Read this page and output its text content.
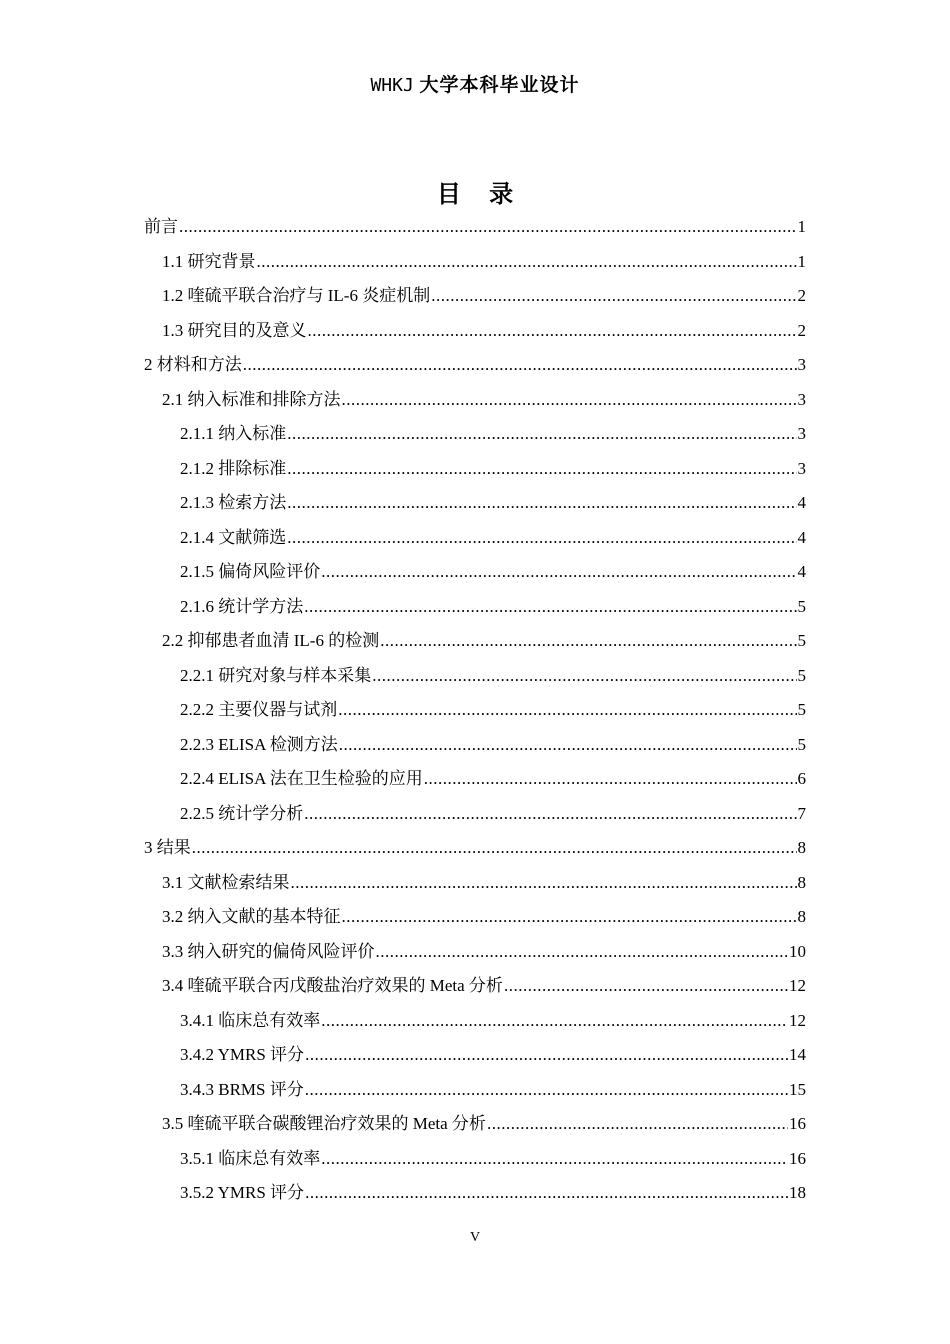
WHKJ 大学本科毕业设计
目 录
前言 .....	1
1.1 研究背景 .....	1
1.2 喹硫平联合治疗与 IL-6 炎症机制 .....	2
1.3 研究目的及意义 .....	2
2 材料和方法 .....	3
2.1 纳入标准和排除方法 .....	3
2.1.1 纳入标准 .....	3
2.1.2 排除标准 .....	3
2.1.3 检索方法 .....	4
2.1.4 文献筛选 .....	4
2.1.5 偏倚风险评价 .....	4
2.1.6 统计学方法 .....	5
2.2 抑郁患者血清 IL-6 的检测 .....	5
2.2.1 研究对象与样本采集 .....	5
2.2.2 主要仪器与试剂 .....	5
2.2.3 ELISA 检测方法 .....	5
2.2.4 ELISA 法在卫生检验的应用 .....	6
2.2.5 统计学分析 .....	7
3 结果 .....	8
3.1 文献检索结果 .....	8
3.2 纳入文献的基本特征 .....	8
3.3 纳入研究的偏倚风险评价 .....	10
3.4 喹硫平联合丙戊酸盐治疗效果的 Meta 分析 .....	12
3.4.1 临床总有效率 .....	12
3.4.2 YMRS 评分 .....	14
3.4.3 BRMS 评分 .....	15
3.5 喹硫平联合碳酸锂治疗效果的 Meta 分析 .....	16
3.5.1 临床总有效率 .....	16
3.5.2 YMRS 评分 .....	18
V
